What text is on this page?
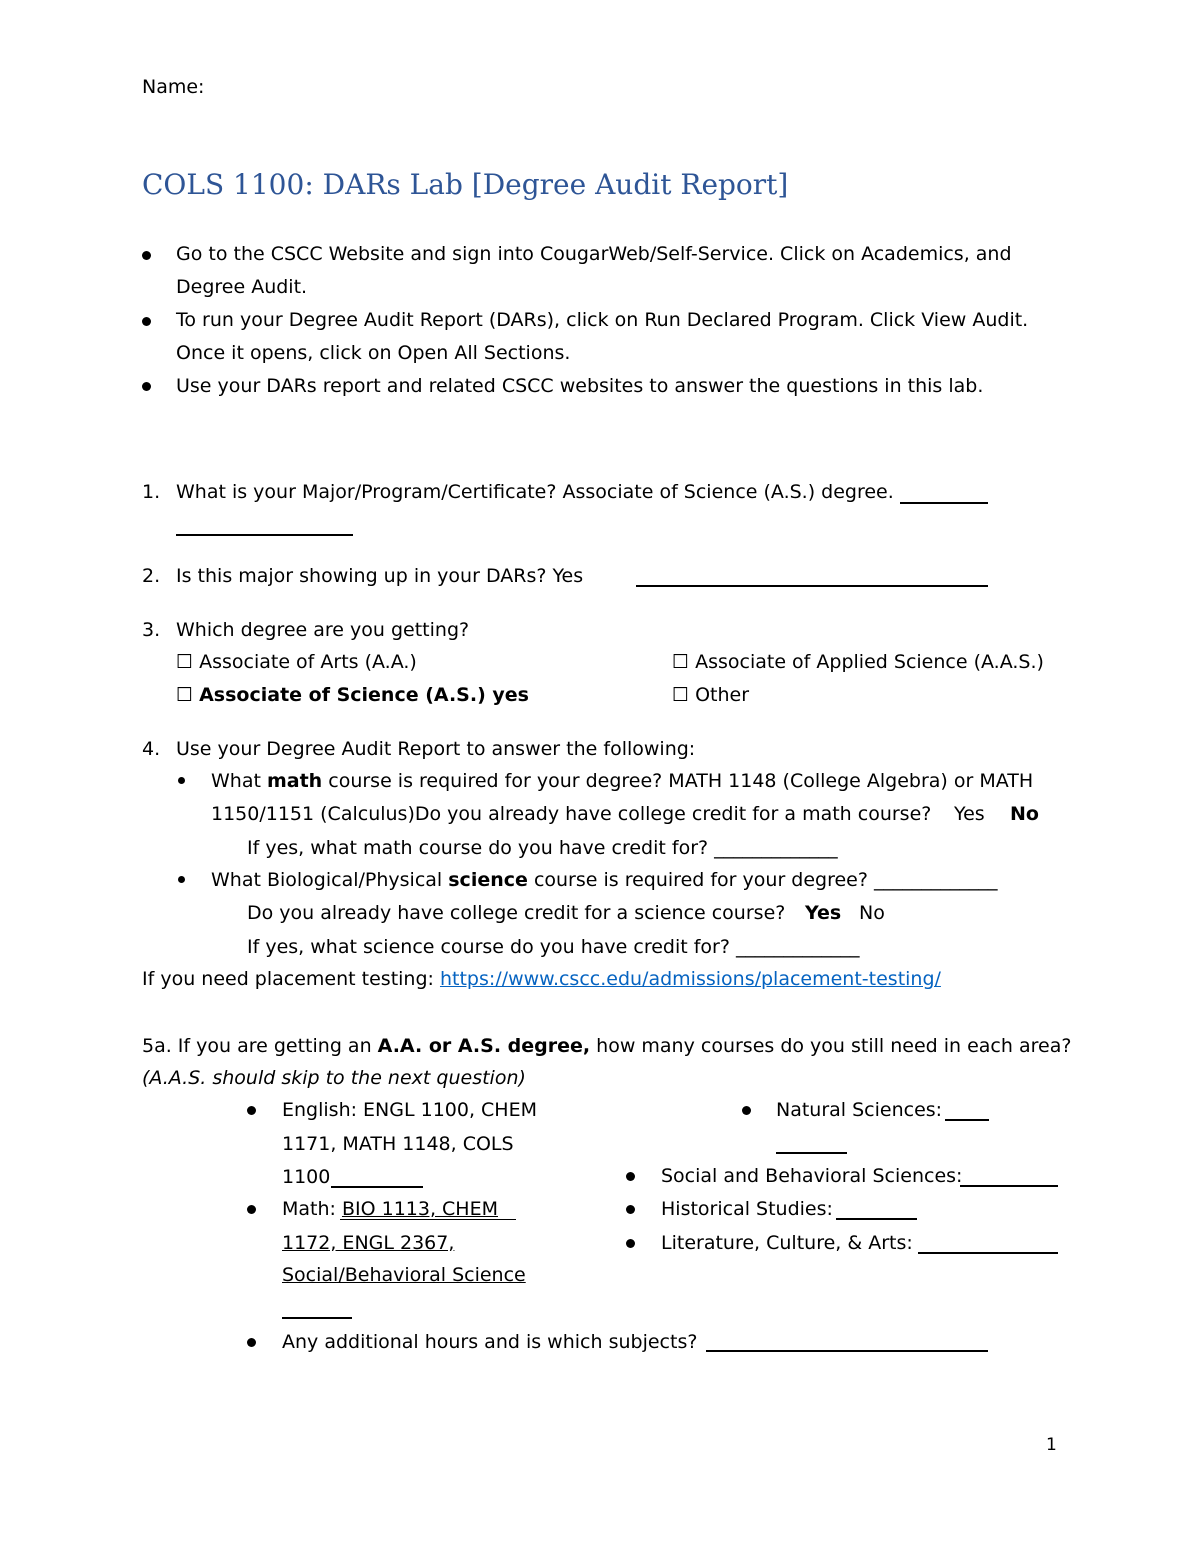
Name:
COLS 1100: DARs Lab [Degree Audit Report]
Go to the CSCC Website and sign into CougarWeb/Self-Service. Click on Academics, and
Degree Audit.
To run your Degree Audit Report (DARs), click on Run Declared Program. Click View Audit.
Once it opens, click on Open All Sections.
Use your DARs report and related CSCC websites to answer the questions in this lab.
1. What is your Major/Program/Certificate? Associate of Science (A.S.) degree.
2. Is this major showing up in your DARs? Yes
3. Which degree are you getting?
☐ Associate of Arts (A.A.)	☐ Associate of Applied Science (A.A.S.)
☐ Associate of Science (A.S.) yes	☐ Other
4. Use your Degree Audit Report to answer the following:
What math course is required for your degree? MATH 1148 (College Algebra) or MATH
1150/1151 (Calculus)Do you already have college credit for a math course? Yes No
If yes, what math course do you have credit for? _____________
What Biological/Physical science course is required for your degree? _____________
Do you already have college credit for a science course? Yes No
If yes, what science course do you have credit for? _____________
If you need placement testing: https://www.cscc.edu/admissions/placement-testing/
5a. If you are getting an A.A. or A.S. degree, how many courses do you still need in each area?
(A.A.S. should skip to the next question)
English: ENGL 1100, CHEM
1171, MATH 1148, COLS
1100
Math: BIO 1113, CHEM
1172, ENGL 2367,
Social/Behavioral Science
Any additional hours and is which subjects?
Natural Sciences:
Social and Behavioral Sciences:
Historical Studies:
Literature, Culture, & Arts:
1
